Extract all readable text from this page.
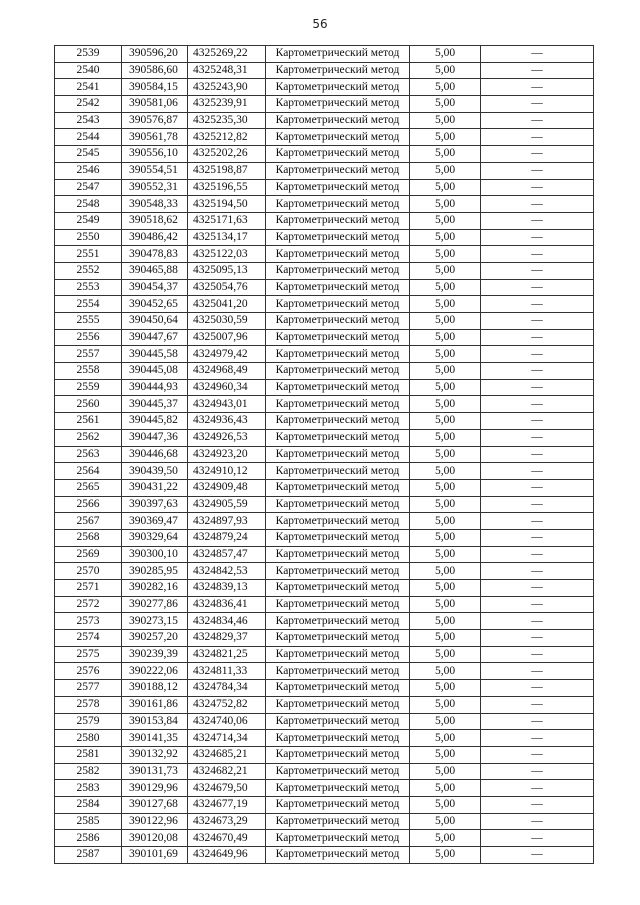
56
2539	390596,20	4325269,22	Картометрический метод	5,00	—
2540	390586,60	4325248,31	Картометрический метод	5,00	—
2541	390584,15	4325243,90	Картометрический метод	5,00	—
2542	390581,06	4325239,91	Картометрический метод	5,00	—
2543	390576,87	4325235,30	Картометрический метод	5,00	—
2544	390561,78	4325212,82	Картометрический метод	5,00	—
2545	390556,10	4325202,26	Картометрический метод	5,00	—
2546	390554,51	4325198,87	Картометрический метод	5,00	—
2547	390552,31	4325196,55	Картометрический метод	5,00	—
2548	390548,33	4325194,50	Картометрический метод	5,00	—
2549	390518,62	4325171,63	Картометрический метод	5,00	—
2550	390486,42	4325134,17	Картометрический метод	5,00	—
2551	390478,83	4325122,03	Картометрический метод	5,00	—
2552	390465,88	4325095,13	Картометрический метод	5,00	—
2553	390454,37	4325054,76	Картометрический метод	5,00	—
2554	390452,65	4325041,20	Картометрический метод	5,00	—
2555	390450,64	4325030,59	Картометрический метод	5,00	—
2556	390447,67	4325007,96	Картометрический метод	5,00	—
2557	390445,58	4324979,42	Картометрический метод	5,00	—
2558	390445,08	4324968,49	Картометрический метод	5,00	—
2559	390444,93	4324960,34	Картометрический метод	5,00	—
2560	390445,37	4324943,01	Картометрический метод	5,00	—
2561	390445,82	4324936,43	Картометрический метод	5,00	—
2562	390447,36	4324926,53	Картометрический метод	5,00	—
2563	390446,68	4324923,20	Картометрический метод	5,00	—
2564	390439,50	4324910,12	Картометрический метод	5,00	—
2565	390431,22	4324909,48	Картометрический метод	5,00	—
2566	390397,63	4324905,59	Картометрический метод	5,00	—
2567	390369,47	4324897,93	Картометрический метод	5,00	—
2568	390329,64	4324879,24	Картометрический метод	5,00	—
2569	390300,10	4324857,47	Картометрический метод	5,00	—
2570	390285,95	4324842,53	Картометрический метод	5,00	—
2571	390282,16	4324839,13	Картометрический метод	5,00	—
2572	390277,86	4324836,41	Картометрический метод	5,00	—
2573	390273,15	4324834,46	Картометрический метод	5,00	—
2574	390257,20	4324829,37	Картометрический метод	5,00	—
2575	390239,39	4324821,25	Картометрический метод	5,00	—
2576	390222,06	4324811,33	Картометрический метод	5,00	—
2577	390188,12	4324784,34	Картометрический метод	5,00	—
2578	390161,86	4324752,82	Картометрический метод	5,00	—
2579	390153,84	4324740,06	Картометрический метод	5,00	—
2580	390141,35	4324714,34	Картометрический метод	5,00	—
2581	390132,92	4324685,21	Картометрический метод	5,00	—
2582	390131,73	4324682,21	Картометрический метод	5,00	—
2583	390129,96	4324679,50	Картометрический метод	5,00	—
2584	390127,68	4324677,19	Картометрический метод	5,00	—
2585	390122,96	4324673,29	Картометрический метод	5,00	—
2586	390120,08	4324670,49	Картометрический метод	5,00	—
2587	390101,69	4324649,96	Картометрический метод	5,00	—
